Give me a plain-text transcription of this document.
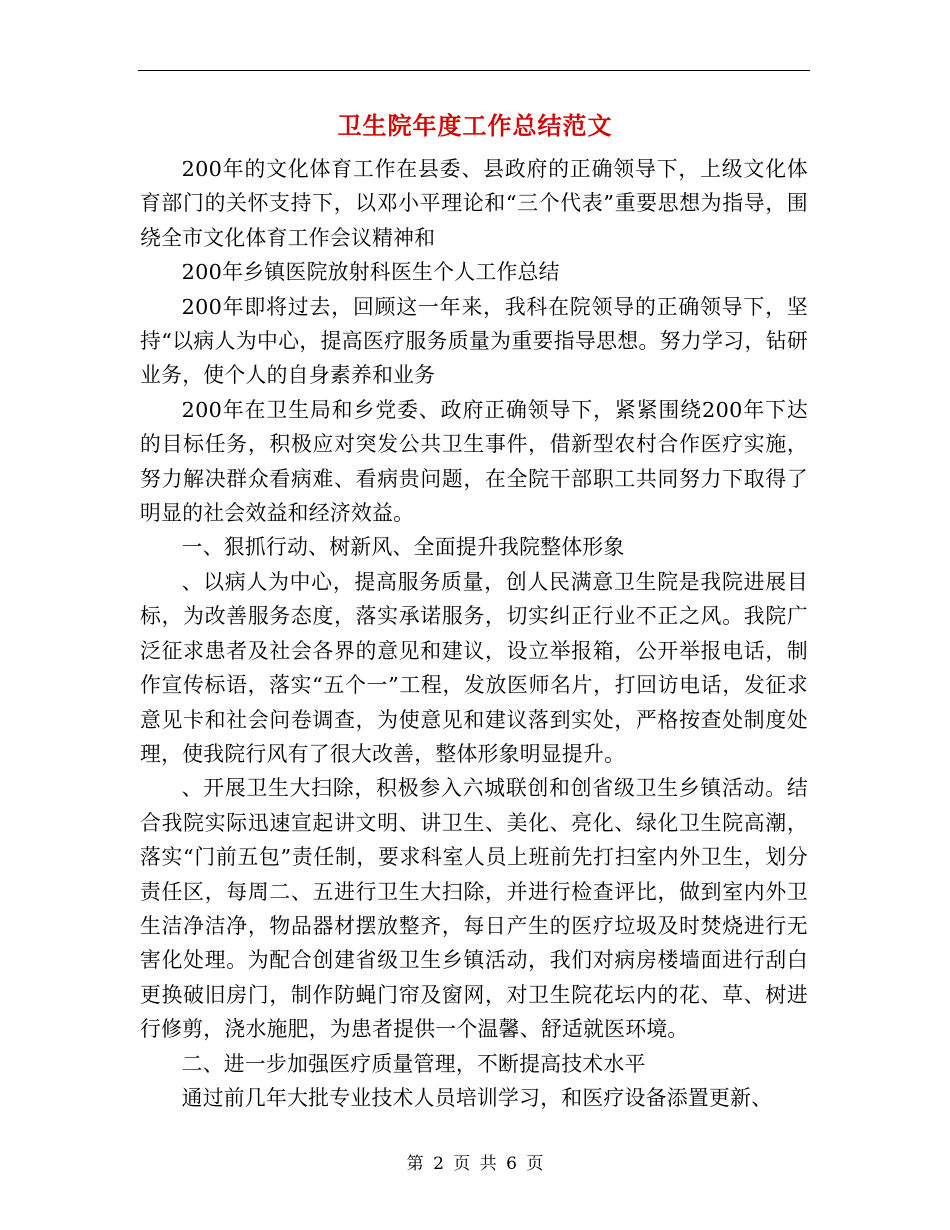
卫生院年度工作总结范文

200年的文化体育工作在县委、县政府的正确领导下，上级文化体育部门的关怀支持下，以邓小平理论和“三个代表”重要思想为指导，围绕全市文化体育工作会议精神和

200年乡镇医院放射科医生个人工作总结

200年即将过去，回顾这一年来，我科在院领导的正确领导下，坚持“以病人为中心，提高医疗服务质量为重要指导思想。努力学习，钻研业务，使个人的自身素养和业务

200年在卫生局和乡党委、政府正确领导下，紧紧围绕200年下达的目标任务，积极应对突发公共卫生事件，借新型农村合作医疗实施，努力解决群众看病难、看病贵问题，在全院干部职工共同努力下取得了明显的社会效益和经济效益。

一、狠抓行动、树新风、全面提升我院整体形象

、以病人为中心，提高服务质量，创人民满意卫生院是我院进展目标，为改善服务态度，落实承诺服务，切实纠正行业不正之风。我院广泛征求患者及社会各界的意见和建议，设立举报箱，公开举报电话，制作宣传标语，落实“五个一”工程，发放医师名片，打回访电话，发征求意见卡和社会问卷调查，为使意见和建议落到实处，严格按查处制度处理，使我院行风有了很大改善，整体形象明显提升。

、开展卫生大扫除，积极参入六城联创和创省级卫生乡镇活动。结合我院实际迅速宣起讲文明、讲卫生、美化、亮化、绿化卫生院高潮，落实“门前五包”责任制，要求科室人员上班前先打扫室内外卫生，划分责任区，每周二、五进行卫生大扫除，并进行检查评比，做到室内外卫生洁净洁净，物品器材摆放整齐，每日产生的医疗垃圾及时焚烧进行无害化处理。为配合创建省级卫生乡镇活动，我们对病房楼墙面进行刮白更换破旧房门，制作防蝇门帘及窗网，对卫生院花坛内的花、草、树进行修剪，浇水施肥，为患者提供一个温馨、舒适就医环境。

二、进一步加强医疗质量管理，不断提高技术水平

通过前几年大批专业技术人员培训学习，和医疗设备添置更新、

第 2 页 共 6 页
